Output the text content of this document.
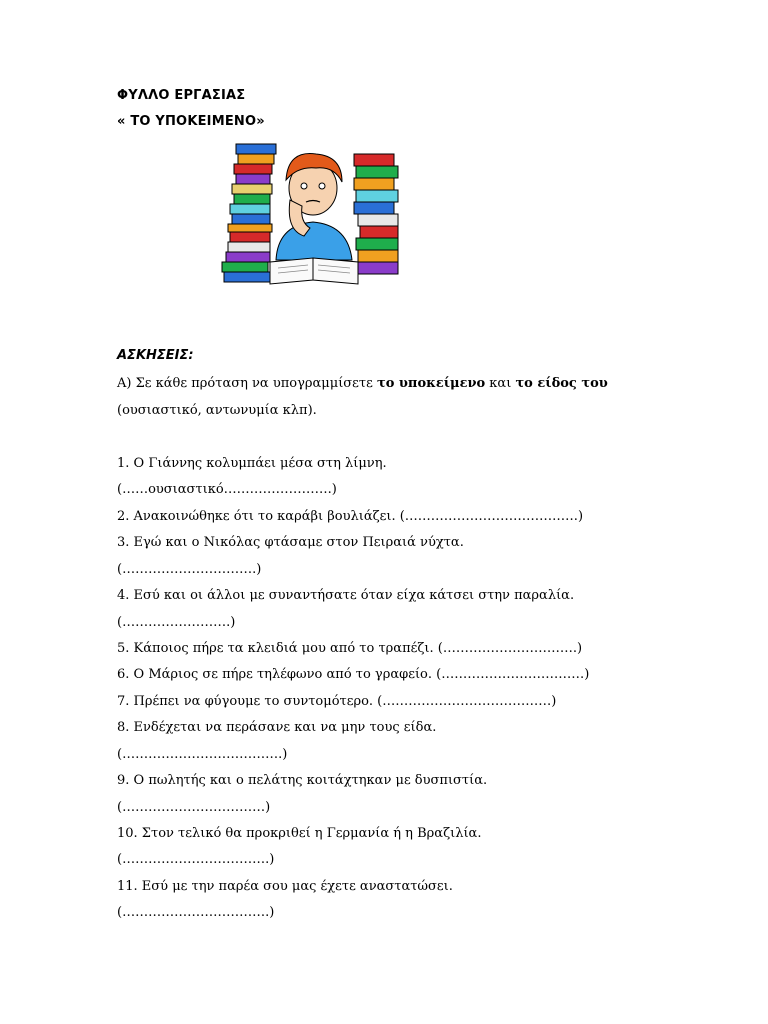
ΦΥΛΛΟ ΕΡΓΑΣΙΑΣ

« ΤΟ ΥΠΟΚΕΙΜΕΝΟ»

ΑΣΚΗΣΕΙΣ:
Α) Σε κάθε πρόταση να υπογραμμίσετε το υποκείμενο και το είδος του
(ουσιαστικό, αντωνυμία κλπ).
1. Ο Γιάννης κολυμπάει μέσα στη λίμνη.
(……ουσιαστικό…………………….)
2. Ανακοινώθηκε ότι το καράβι βουλιάζει. (………………………………….)
3. Εγώ και ο Νικόλας φτάσαμε στον Πειραιά νύχτα.
(………………………….)
4. Εσύ και οι άλλοι με συναντήσατε όταν είχα κάτσει στην παραλία.
(…………………….)
5. Κάποιος πήρε τα κλειδιά μου από το τραπέζι. (………………………….)
6. Ο Μάριος σε πήρε τηλέφωνο από το γραφείο. (……………………………)
7. Πρέπει να φύγουμε το συντομότερο. (…………………………………)
8. Ενδέχεται να περάσανε και να μην τους είδα.
(……………………………….)
9. Ο πωλητής και ο πελάτης κοιτάχτηκαν με δυσπιστία.
(……………………………)
10. Στον τελικό θα προκριθεί η Γερμανία ή η Βραζιλία.
(…………………………….)
11. Εσύ με την παρέα σου μας έχετε αναστατώσει.
(…………………………….)
